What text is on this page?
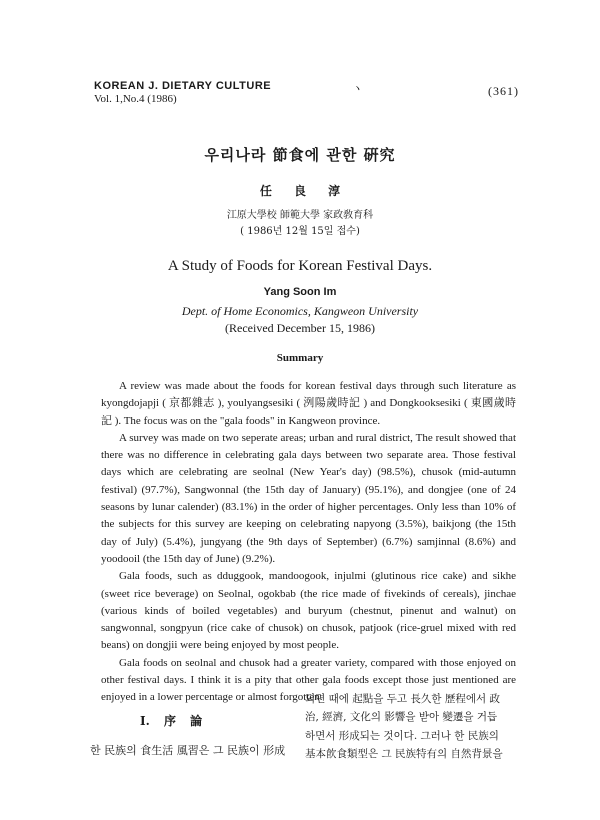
KOREAN J. DIETARY CULTURE
Vol. 1,No.4 (1986)
ヽ	(361)
우리나라 節食에 관한 硏究
任 良 淳
江原大學校 師範大學 家政敎育科
( 1986년 12월 15일 접수)
A Study of Foods for Korean Festival Days.
Yang Soon Im
Dept. of Home Economics, Kangweon University
(Received December 15, 1986)
Summary

A review was made about the foods for korean festival days through such literature as kyongdojapji ( 京都雜志 ), youlyangsesiki ( 洌陽歲時記 ) and Dongkooksesiki ( 東國歲時記 ). The focus was on the "gala foods" in Kangweon province.

A survey was made on two seperate areas; urban and rural district, The result showed that there was no difference in celebrating gala days between two separate area. Those festival days which are celebrating are seolnal (New Year's day) (98.5%), chusok (mid-autumn festival) (97.7%), Sangwonnal (the 15th day of January) (95.1%), and dongjee (one of 24 seasons by lunar calender) (83.1%) in the order of higher percentages. Only less than 10% of the subjects for this survey are keeping on celebrating napyong (3.5%), baikjong (the 15th day of July) (5.4%), jungyang (the 9th days of September) (6.7%) samjinnal (8.6%) and yoodooil (the 15th day of June) (9.2%).

Gala foods, such as dduggook, mandoogook, injulmi (glutinous rice cake) and sikhe (sweet rice beverage) on Seolnal, ogokbab (the rice made of fivekinds of cereals), jinchae (various kinds of boiled vegetables) and buryum (chestnut, pinenut and walnut) on sangwonnal, songpyun (rice cake of chusok) on chusok, patjook (rice-gruel mixed with red beans) on dongjii were being enjoyed by most people.

Gala foods on seolnal and chusok had a greater variety, compared with those enjoyed on other festival days. I think it is a pity that other gala foods except those just mentioned are enjoyed in a lower percentage or almost forgotten.

I. 序 論
한 民族의 食生活 風習은 그 民族이 形成

되면 때에 起點을 두고 長久한 歷程에서 政

治, 經濟, 文化의 影響을 받아 變遷을 거듭

하면서 形成되는 것이다. 그러나 한 民族의

基本飮食類型은 그 民族特有의 自然背景을
